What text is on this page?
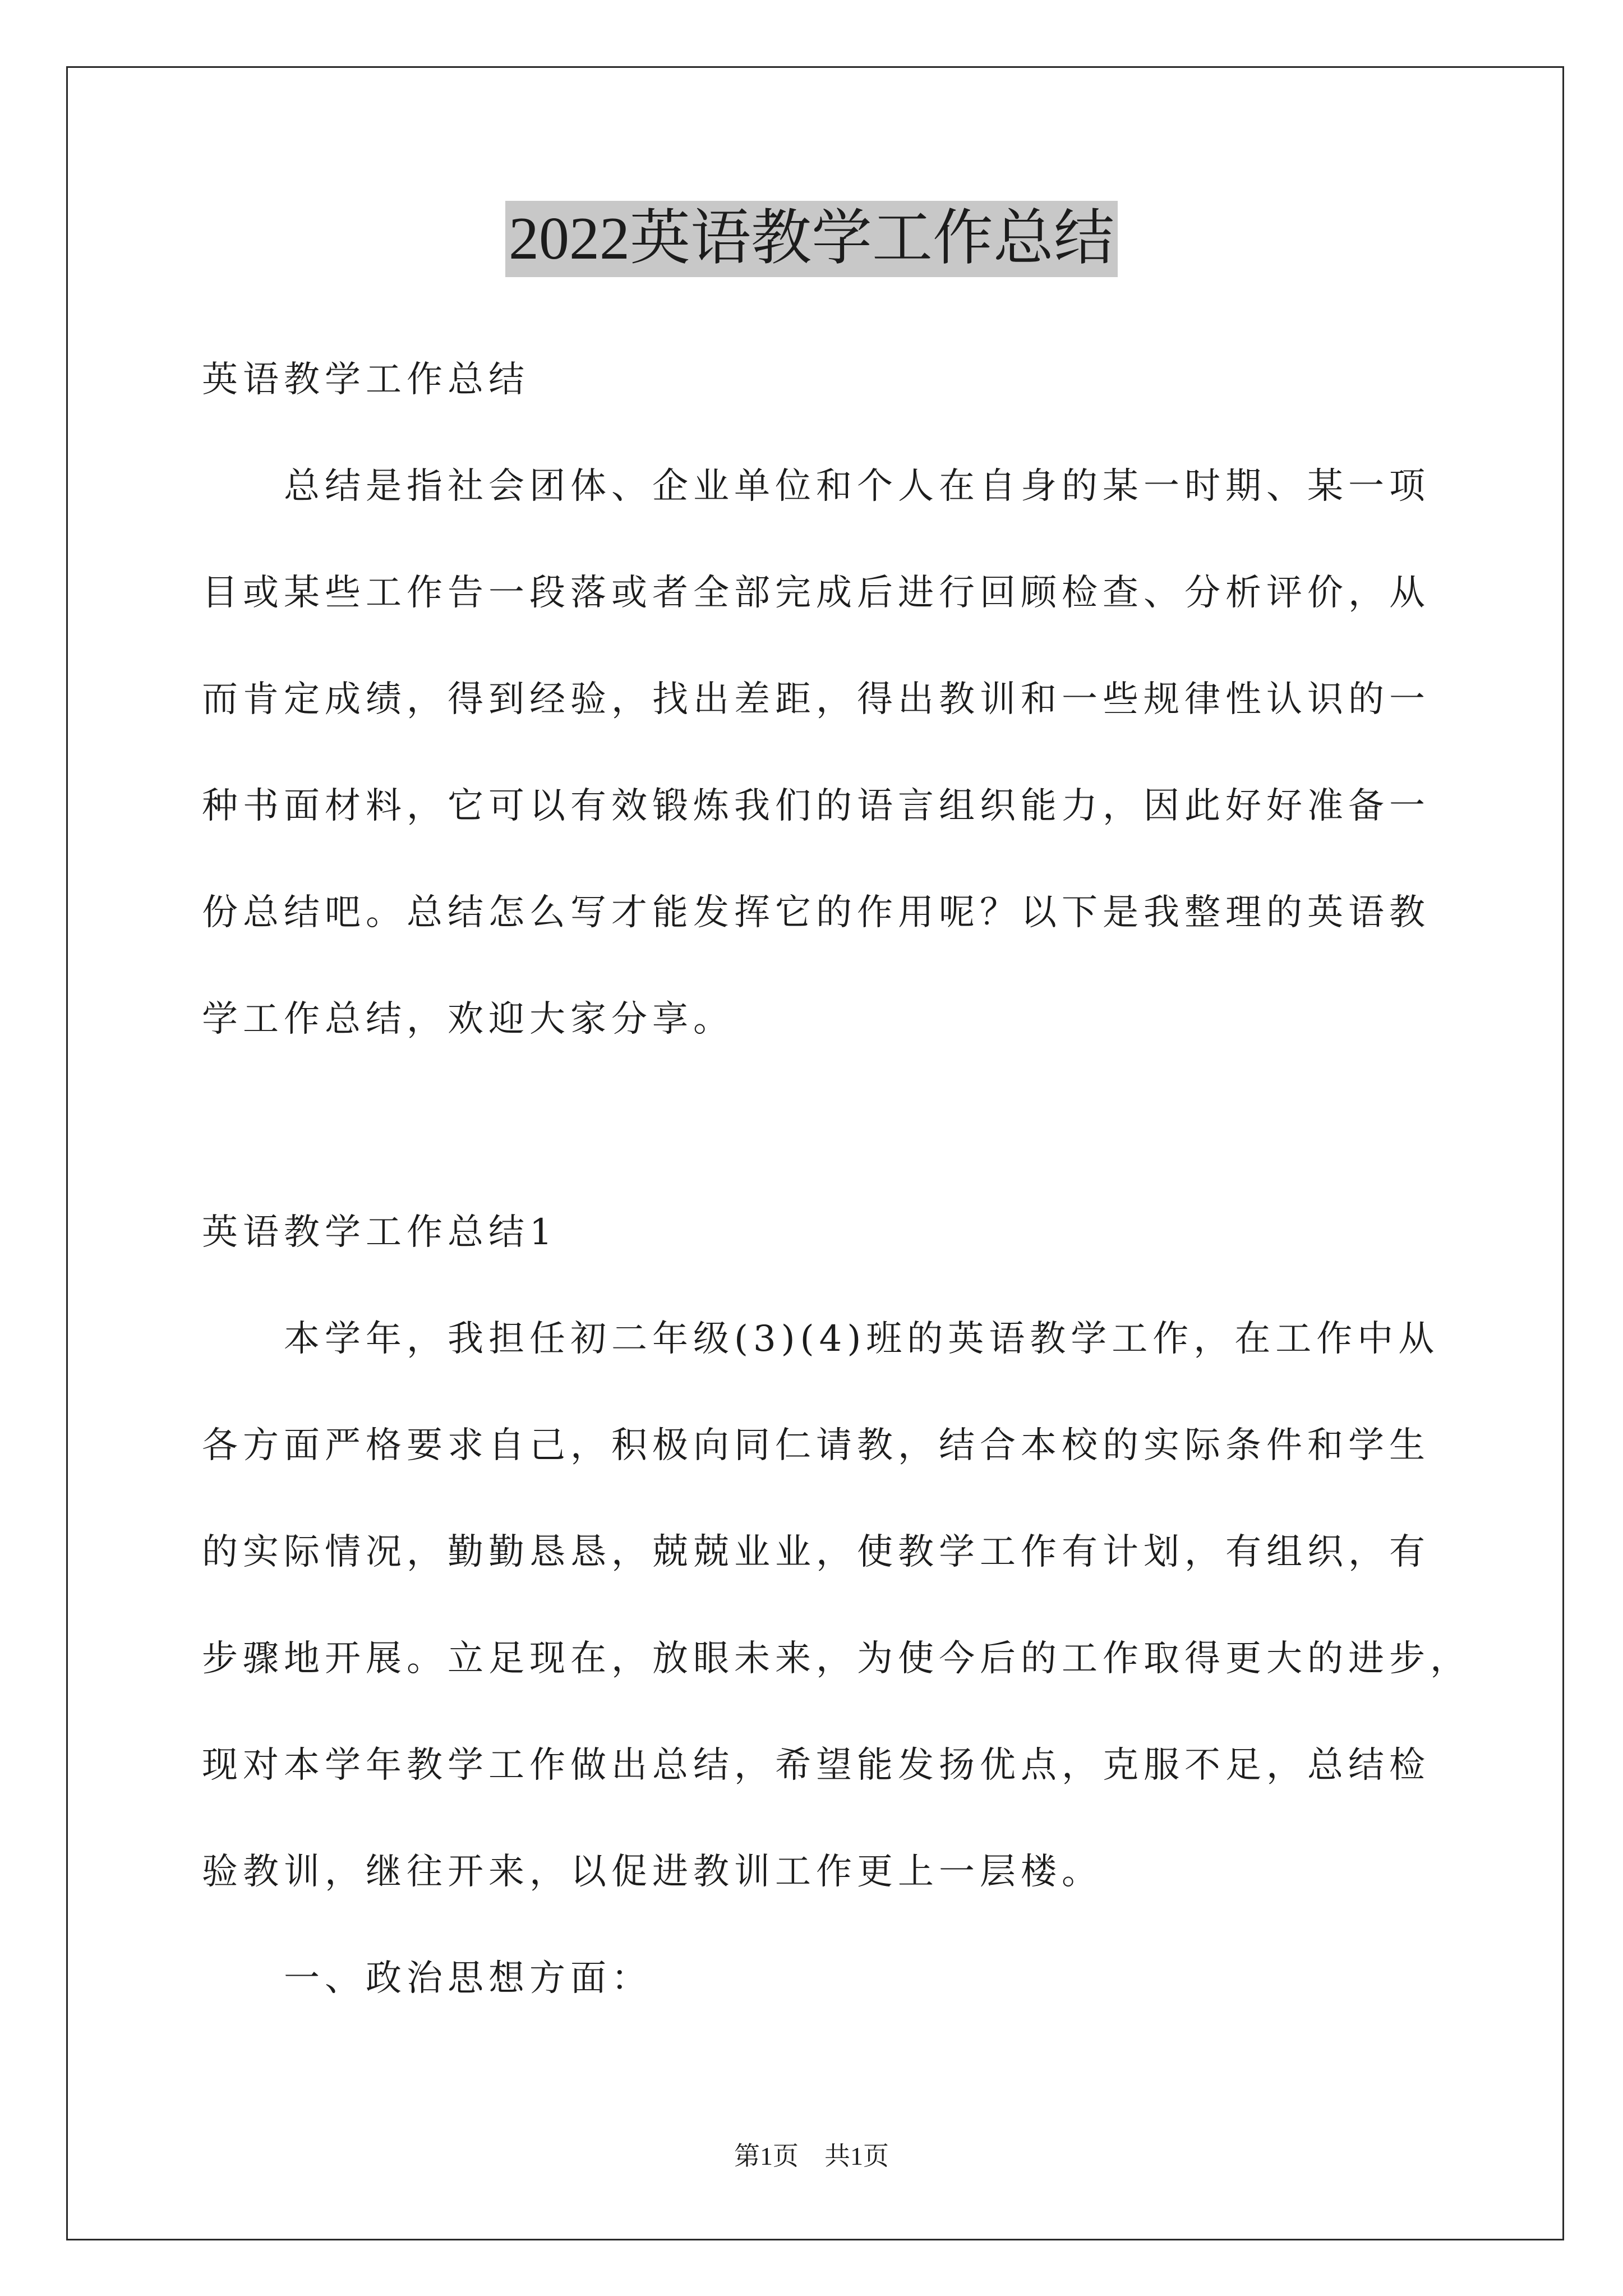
2022英语教学工作总结
英语教学工作总结
总结是指社会团体、企业单位和个人在自身的某一时期、某一项
目或某些工作告一段落或者全部完成后进行回顾检查、分析评价，从
而肯定成绩，得到经验，找出差距，得出教训和一些规律性认识的一
种书面材料，它可以有效锻炼我们的语言组织能力，因此好好准备一
份总结吧。总结怎么写才能发挥它的作用呢？以下是我整理的英语教
学工作总结，欢迎大家分享。
英语教学工作总结1
本学年，我担任初二年级(3)(4)班的英语教学工作，在工作中从
各方面严格要求自己，积极向同仁请教，结合本校的实际条件和学生
的实际情况，勤勤恳恳，兢兢业业，使教学工作有计划，有组织，有
步骤地开展。立足现在，放眼未来，为使今后的工作取得更大的进步，
现对本学年教学工作做出总结，希望能发扬优点，克服不足，总结检
验教训，继往开来，以促进教训工作更上一层楼。
一、政治思想方面：
第1页　共1页
